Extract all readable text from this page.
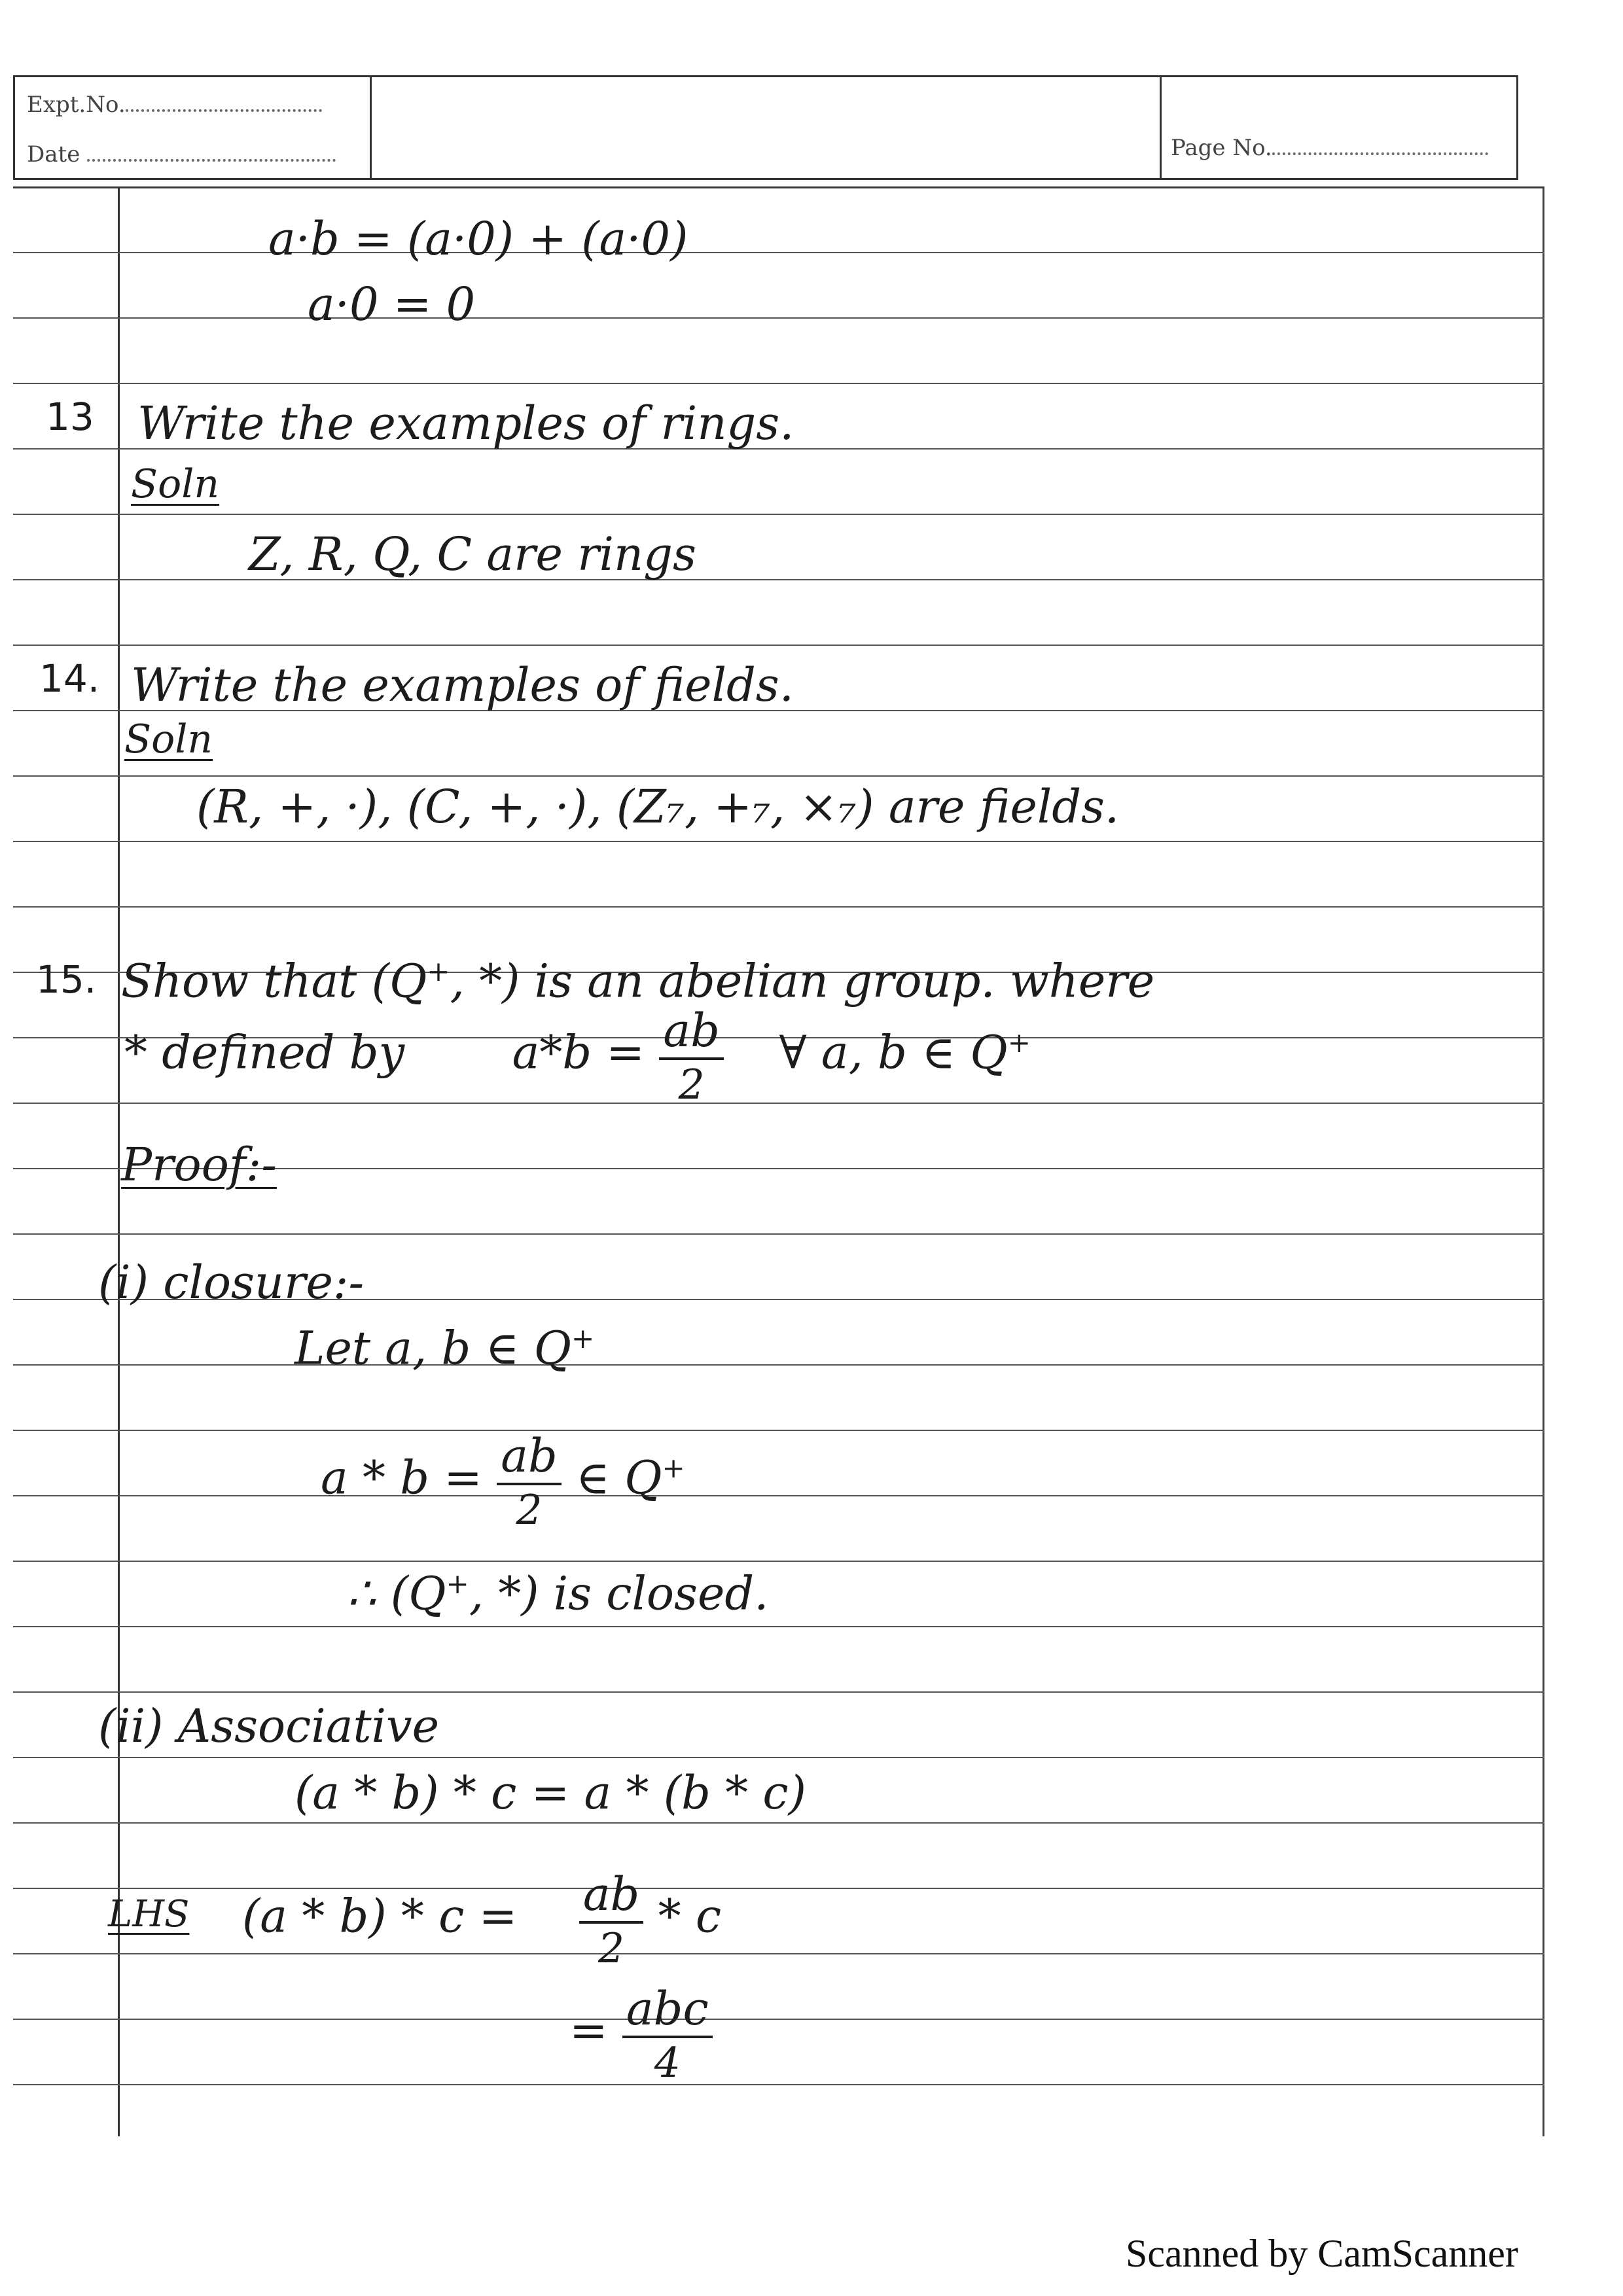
Expt.No.
Date	Page No.
a·b = (a·0) + (a·0)
a·0 = 0
13 Write the examples of rings.
Soln
Z, R, Q, C are rings
14. Write the examples of fields.
Soln
(R, +, ·), (C, +, ·), (Z₇, +₇, ×₇) are fields.
15. Show that (Q+, *) is an abelian group. where
* defined by $a*b = \frac{ab}{2}$ ∀ a, b ∈ Q+
Proof:-
(i) closure:-
Let a, b ∈ Q+
$a * b = \frac{ab}{2}$ ∈ Q+
∴ (Q+, *) is closed.
(ii) Associative
(a * b) * c = a * (b * c)
LHS $(a * b) * c = \frac{ab}{2} * c$
= $\frac{\text{abc}}{4}$
Scanned by CamScanner
